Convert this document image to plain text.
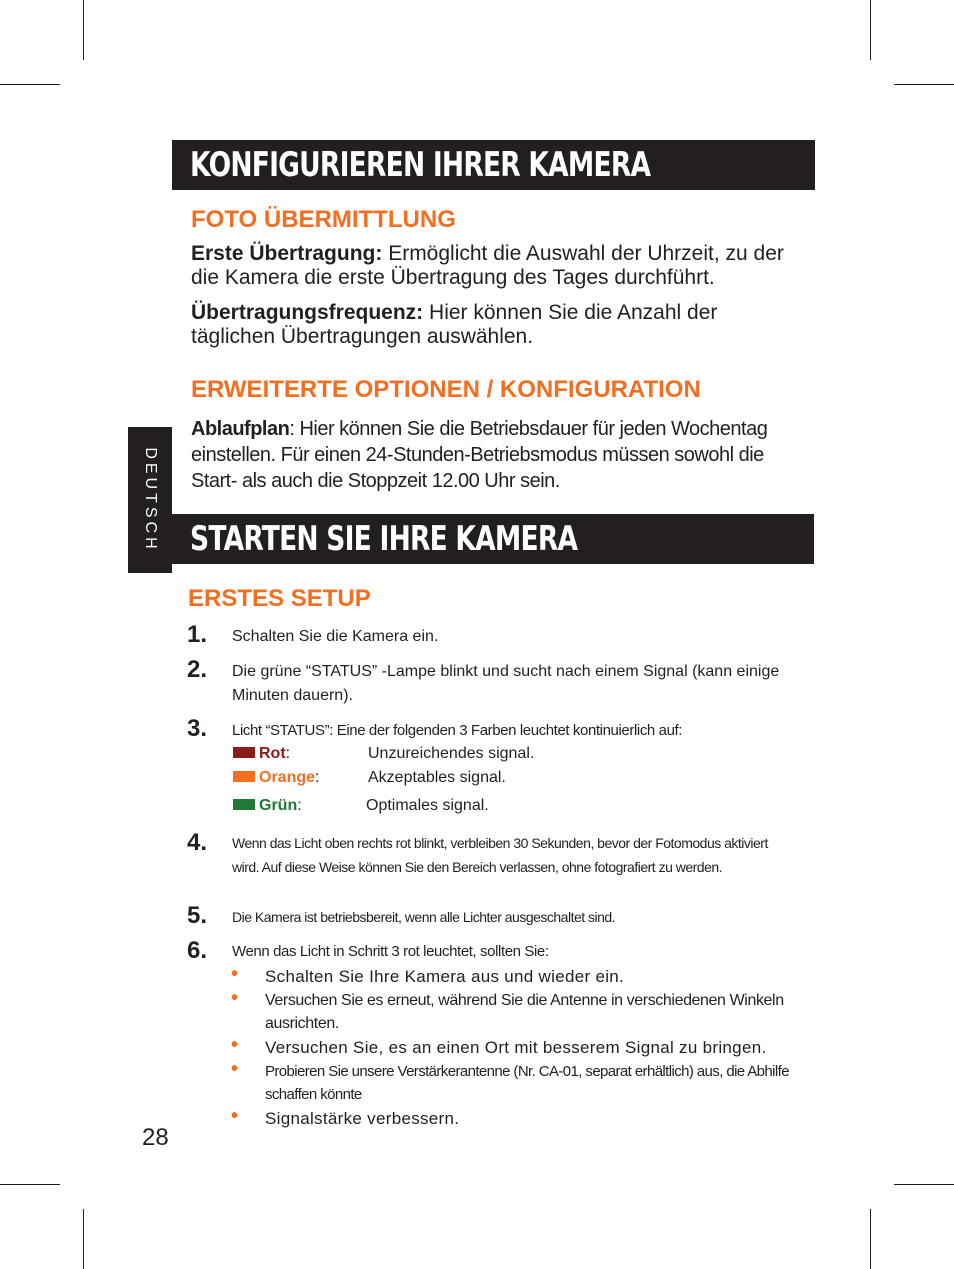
DEUTSCH
KONFIGURIEREN IHRER KAMERA
FOTO ÜBERMITTLUNG
Erste Übertragung: Ermöglicht die Auswahl der Uhrzeit, zu der die Kamera die erste Übertragung des Tages durchführt.
Übertragungsfrequenz: Hier können Sie die Anzahl der täglichen Übertragungen auswählen.
ERWEITERTE OPTIONEN / KONFIGURATION
Ablaufplan: Hier können Sie die Betriebsdauer für jeden Wochentag einstellen. Für einen 24-Stunden-Betriebsmodus müssen sowohl die Start- als auch die Stoppzeit 12.00 Uhr sein.
STARTEN SIE IHRE KAMERA
ERSTES SETUP
1. Schalten Sie die Kamera ein.
2. Die grüne “STATUS” -Lampe blinkt und sucht nach einem Signal (kann einige Minuten dauern).
3. Licht “STATUS”: Eine der folgenden 3 Farben leuchtet kontinuierlich auf:
Rot:	Unzureichendes signal.
Orange:	Akzeptables signal.
Grün:	Optimales signal.
4. Wenn das Licht oben rechts rot blinkt, verbleiben 30 Sekunden, bevor der Fotomodus aktiviert wird. Auf diese Weise können Sie den Bereich verlassen, ohne fotografiert zu werden.
5. Die Kamera ist betriebsbereit, wenn alle Lichter ausgeschaltet sind.
6. Wenn das Licht in Schritt 3 rot leuchtet, sollten Sie:
• Schalten Sie Ihre Kamera aus und wieder ein.
• Versuchen Sie es erneut, während Sie die Antenne in verschiedenen Winkeln ausrichten.
• Versuchen Sie, es an einen Ort mit besserem Signal zu bringen.
• Probieren Sie unsere Verstärkerantenne (Nr. CA-01, separat erhältlich) aus, die Abhilfe schaffen könnte
• Signalstärke verbessern.
28
